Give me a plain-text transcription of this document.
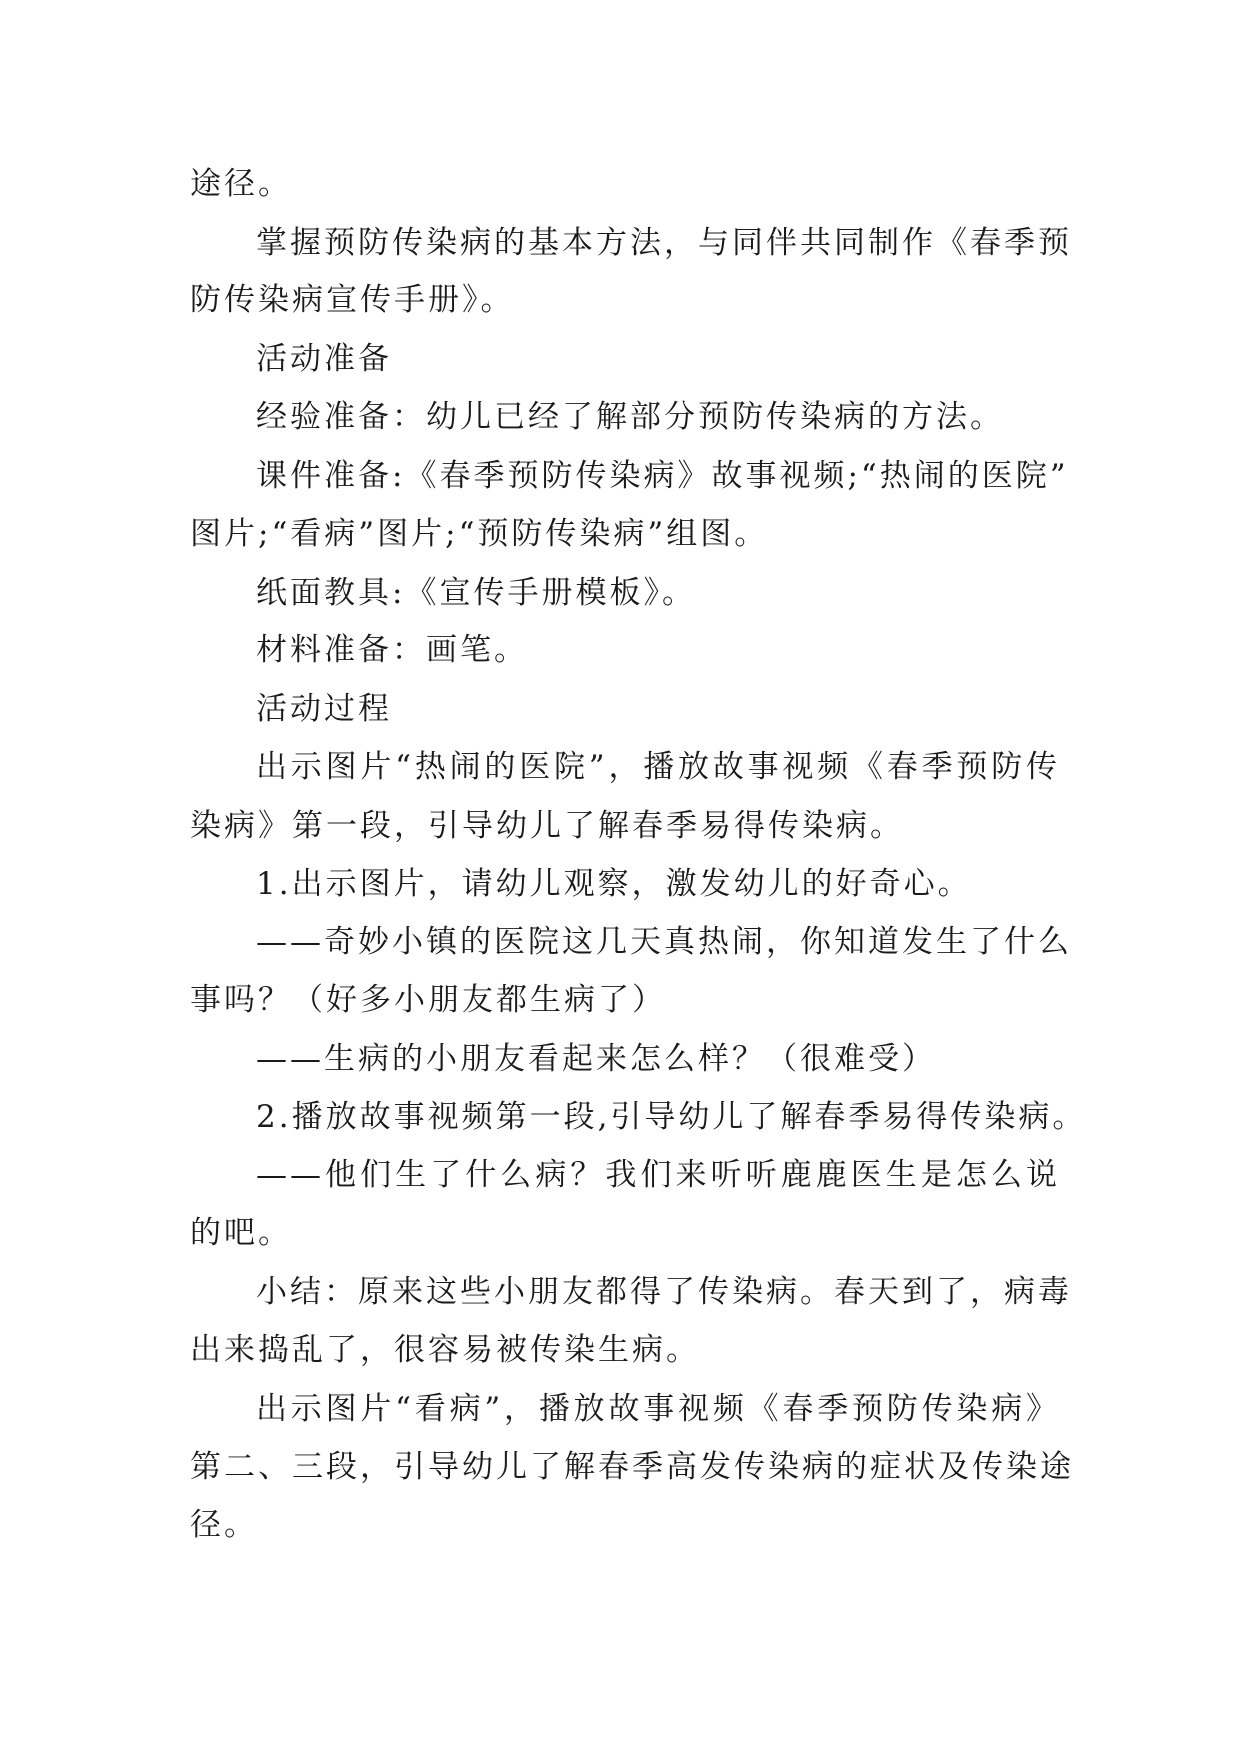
途径。

掌握预防传染病的基本方法，与同伴共同制作《春季预

防传染病宣传手册》。

活动准备

经验准备：幼儿已经了解部分预防传染病的方法。

课件准备:《春季预防传染病》故事视频;“热闹的医院”

图片;“看病”图片;“预防传染病”组图。

纸面教具:《宣传手册模板》。

材料准备：画笔。

活动过程

出示图片“热闹的医院”，播放故事视频《春季预防传

染病》第一段，引导幼儿了解春季易得传染病。

1.出示图片，请幼儿观察，激发幼儿的好奇心。

——奇妙小镇的医院这几天真热闹，你知道发生了什么

事吗？（好多小朋友都生病了）

——生病的小朋友看起来怎么样？（很难受）

2.播放故事视频第一段,引导幼儿了解春季易得传染病。

——他们生了什么病？我们来听听鹿鹿医生是怎么说

的吧。

小结：原来这些小朋友都得了传染病。春天到了，病毒

出来捣乱了，很容易被传染生病。

出示图片“看病”，播放故事视频《春季预防传染病》

第二、三段，引导幼儿了解春季高发传染病的症状及传染途

径。
